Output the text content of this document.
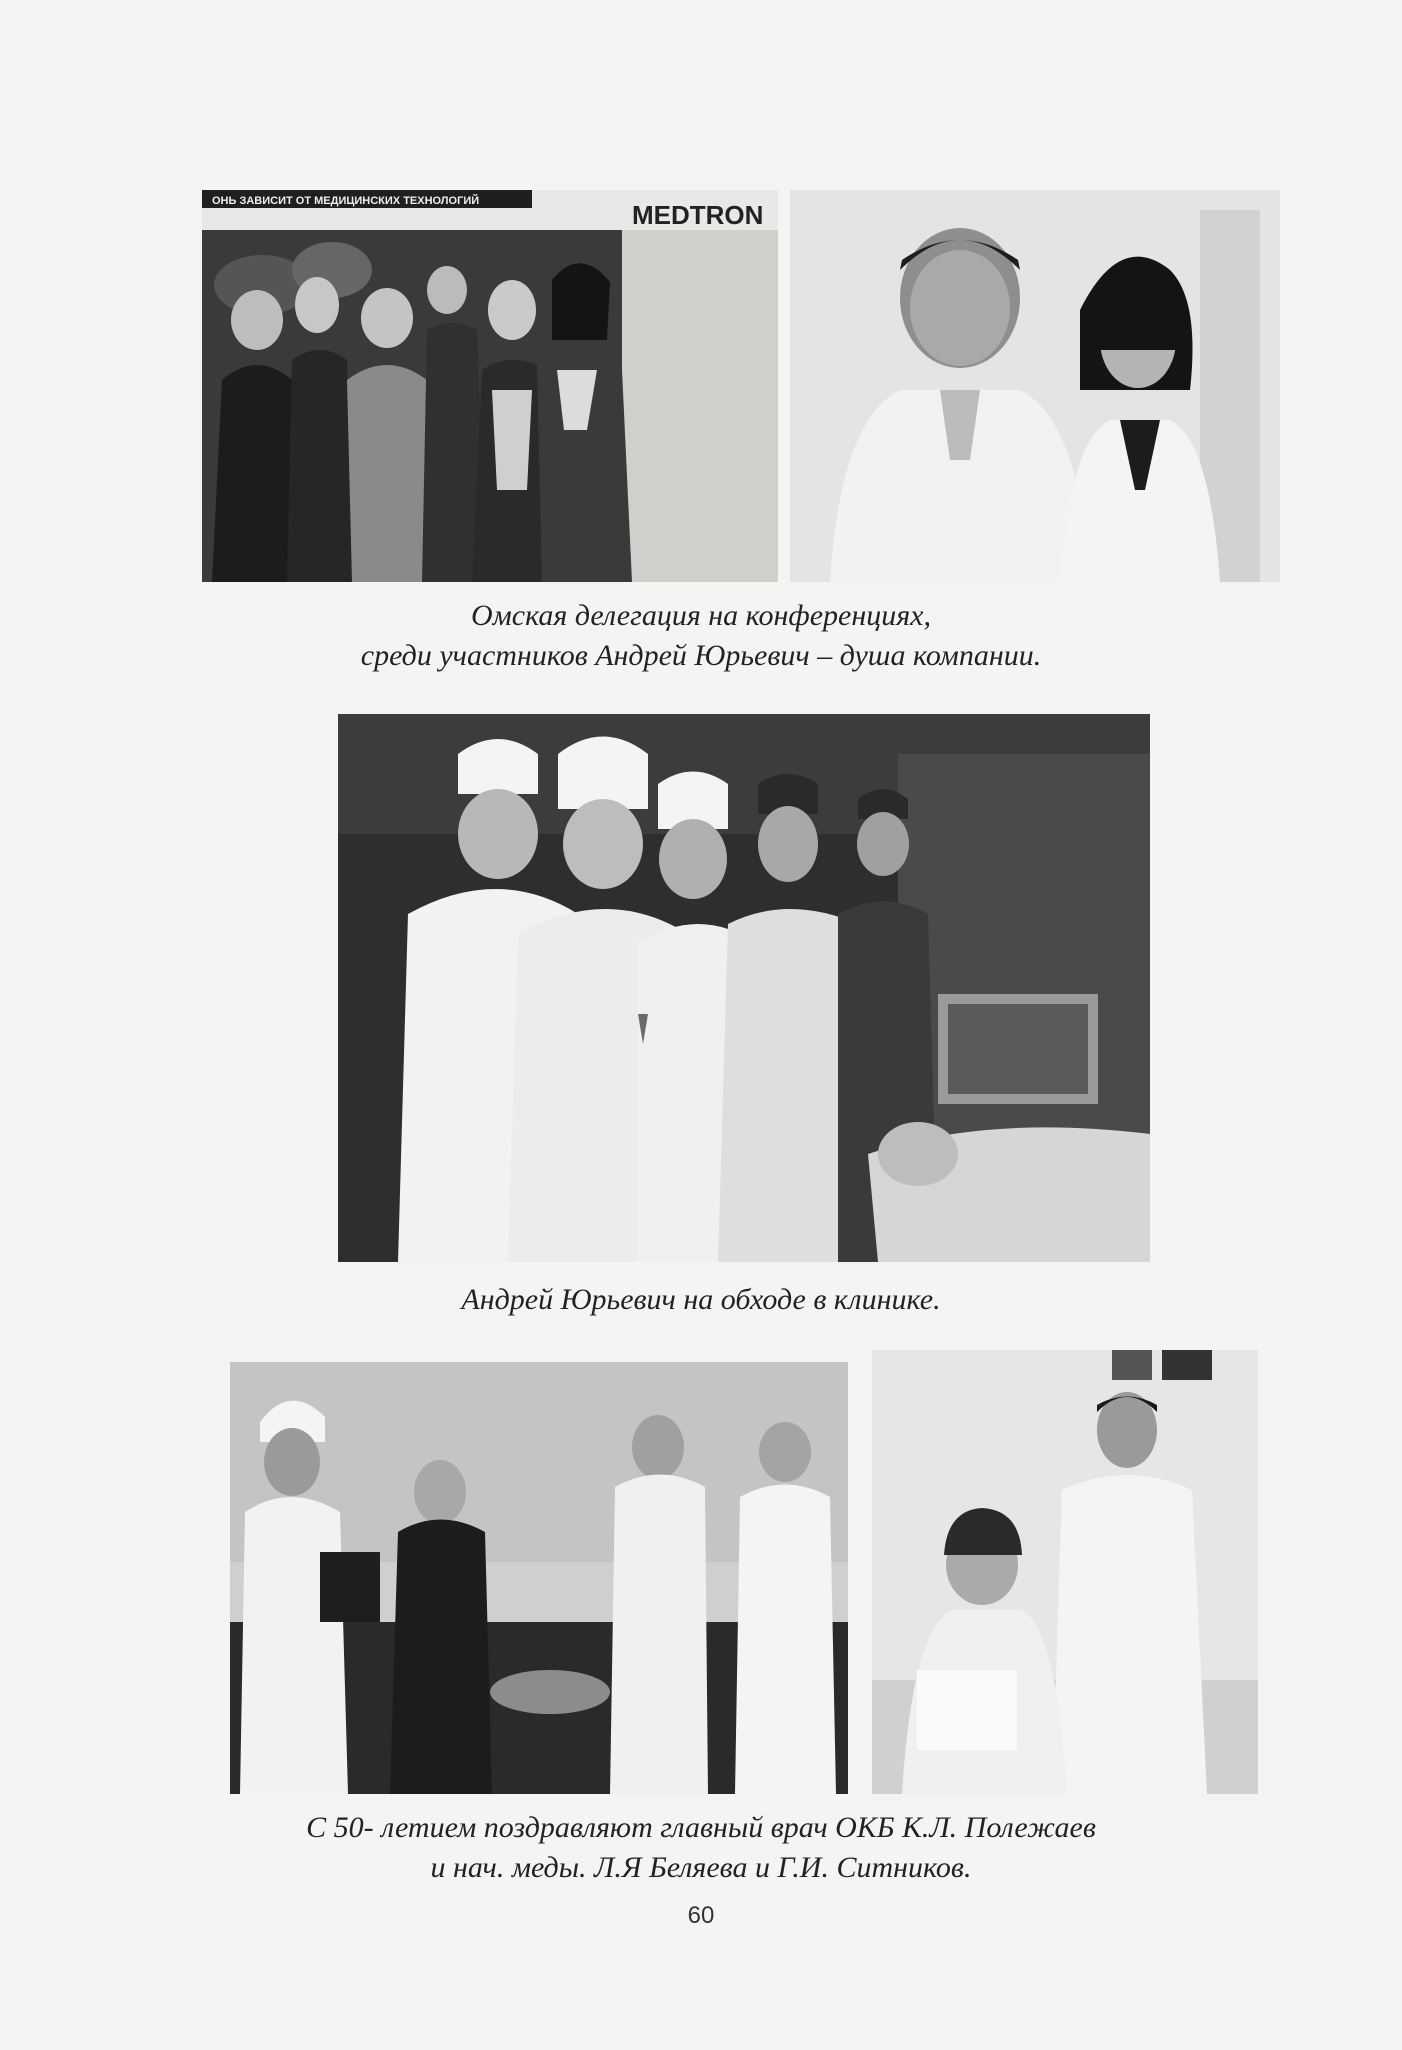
ОНЬ ЗАВИСИТ ОТ МЕДИЦИНСКИХ ТЕХНОЛОГИЙ	MEDTRON
Омская делегация на конференциях,
среди участников Андрей Юрьевич – душа компании.
Андрей Юрьевич на обходе в клинике.
С 50- летием поздравляют главный врач ОКБ К.Л. Полежаев
и нач. меды. Л.Я Беляева и Г.И. Ситников.
60
